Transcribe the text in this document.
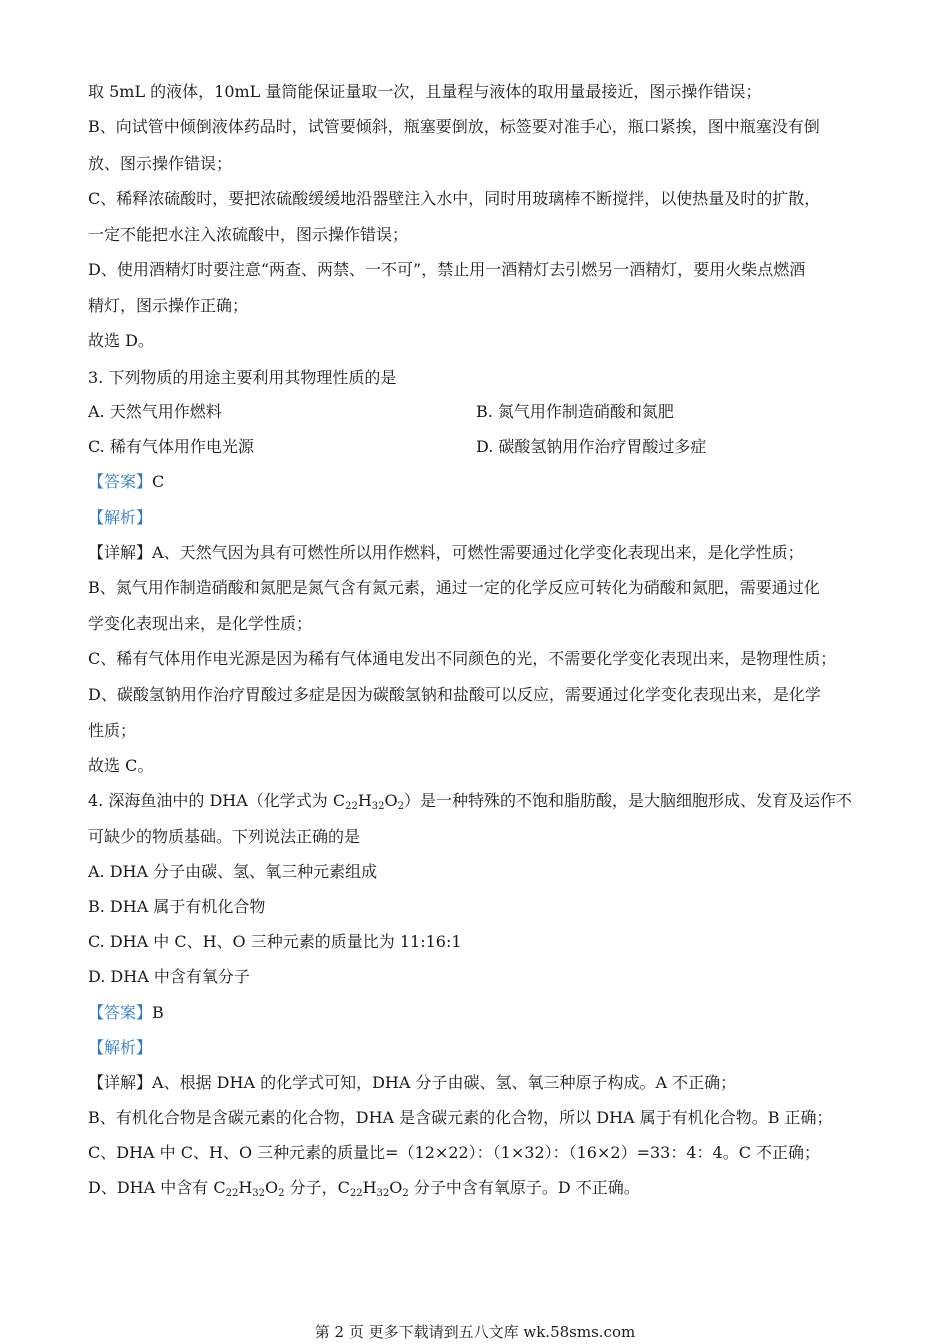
取 5mL 的液体，10mL 量筒能保证量取一次，且量程与液体的取用量最接近，图示操作错误；
B、向试管中倾倒液体药品时，试管要倾斜，瓶塞要倒放，标签要对准手心，瓶口紧挨，图中瓶塞没有倒
放、图示操作错误；
C、稀释浓硫酸时，要把浓硫酸缓缓地沿器壁注入水中，同时用玻璃棒不断搅拌，以使热量及时的扩散，
一定不能把水注入浓硫酸中，图示操作错误；
D、使用酒精灯时要注意“两查、两禁、一不可”，禁止用一酒精灯去引燃另一酒精灯，要用火柴点燃酒
精灯，图示操作正确；
故选 D。
3. 下列物质的用途主要利用其物理性质的是
A. 天然气用作燃料	B. 氮气用作制造硝酸和氮肥
C. 稀有气体用作电光源	D. 碳酸氢钠用作治疗胃酸过多症
【答案】C
【解析】
【详解】A、天然气因为具有可燃性所以用作燃料，可燃性需要通过化学变化表现出来，是化学性质；
B、氮气用作制造硝酸和氮肥是氮气含有氮元素，通过一定的化学反应可转化为硝酸和氮肥，需要通过化
学变化表现出来，是化学性质；
C、稀有气体用作电光源是因为稀有气体通电发出不同颜色的光，不需要化学变化表现出来，是物理性质；
D、碳酸氢钠用作治疗胃酸过多症是因为碳酸氢钠和盐酸可以反应，需要通过化学变化表现出来，是化学
性质；
故选 C。
4. 深海鱼油中的 DHA（化学式为 $C_{22}H_{32}O_2$）是一种特殊的不饱和脂肪酸，是大脑细胞形成、发育及运作不
可缺少的物质基础。下列说法正确的是
A. DHA 分子由碳、氢、氧三种元素组成
B. DHA 属于有机化合物
C. DHA 中 C、H、O 三种元素的质量比为 11:16:1
D. DHA 中含有氧分子
【答案】B
【解析】
【详解】A、根据 DHA 的化学式可知，DHA 分子由碳、氢、氧三种原子构成。A 不正确；
B、有机化合物是含碳元素的化合物，DHA 是含碳元素的化合物，所以 DHA 属于有机化合物。B 正确；
C、DHA 中 C、H、O 三种元素的质量比=（12×22）：（1×32）：（16×2）=33：4：4。C 不正确；
D、DHA 中含有 $C_{22}H_{32}O_2$ 分子，$C_{22}H_{32}O_2$ 分子中含有氧原子。D 不正确。
第 2 页 更多下载请到五八文库 wk.58sms.com
